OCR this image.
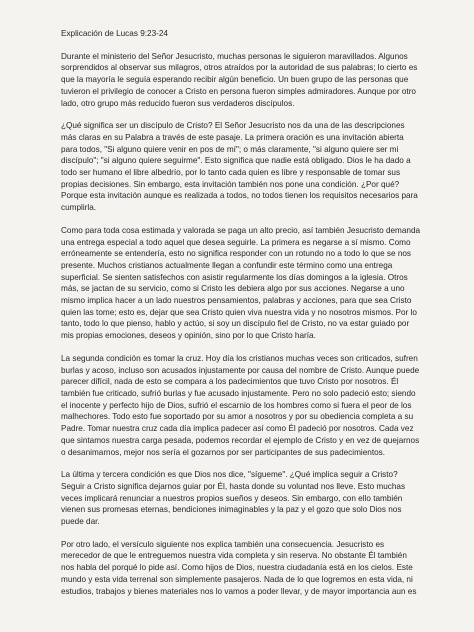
Explicación de Lucas 9:23-24

Durante el ministerio del Señor Jesucristo, muchas personas le siguieron maravillados. Algunos sorprendidos al observar sus milagros, otros atraídos por la autoridad de sus palabras; lo cierto es que la mayoría le seguía esperando recibir algún beneficio. Un buen grupo de las personas que tuvieron el privilegio de conocer a Cristo en persona fueron simples admiradores. Aunque por otro lado, otro grupo más reducido fueron sus verdaderos discípulos.

¿Qué significa ser un discípulo de Cristo? El Señor Jesucristo nos da una de las descripciones más claras en su Palabra a través de este pasaje. La primera oración es una invitación abierta para todos, "Si alguno quiere venir en pos de mí"; o más claramente, "si alguno quiere ser mi discípulo"; "si alguno quiere seguirme". Esto significa que nadie está obligado. Dios le ha dado a todo ser humano el libre albedrío, por lo tanto cada quien es libre y responsable de tomar sus propias decisiones. Sin embargo, esta invitación también nos pone una condición. ¿Por qué? Porque esta invitación aunque es realizada a todos, no todos tienen los requisitos necesarios para cumplirla.

Como para toda cosa estimada y valorada se paga un alto precio, así también Jesucristo demanda una entrega especial a todo aquel que desea seguirle. La primera es negarse a sí mismo. Como erróneamente se entendería, esto no significa responder con un rotundo no a todo lo que se nos presente. Muchos cristianos actualmente llegan a confundir este término como una entrega superficial. Se sienten satisfechos con asistir regularmente los días domingos a la iglesia. Otros más, se jactan de su servicio, como si Cristo les debiera algo por sus acciones. Negarse a uno mismo implica hacer a un lado nuestros pensamientos, palabras y acciones, para que sea Cristo quien las tome; esto es, dejar que sea Cristo quien viva nuestra vida y no nosotros mismos. Por lo tanto, todo lo que pienso, hablo y actúo, si soy un discípulo fiel de Cristo, no va estar guiado por mis propias emociones, deseos y opinión, sino por lo que Cristo haría.

La segunda condición es tomar la cruz. Hoy día los cristianos muchas veces son criticados, sufren burlas y acoso, incluso son acusados injustamente por causa del nombre de Cristo. Aunque puede parecer difícil, nada de esto se compara a los padecimientos que tuvo Cristo por nosotros. Él también fue criticado, sufrió burlas y fue acusado injustamente. Pero no solo padeció esto; siendo el inocente y perfecto hijo de Dios, sufrió el escarnio de los hombres como si fuera el peor de los malhechores. Todo esto fue soportado por su amor a nosotros y por su obediencia completa a su Padre. Tomar nuestra cruz cada día implica padecer así como Él padeció por nosotros. Cada vez que sintamos nuestra carga pesada, podemos recordar el ejemplo de Cristo y en vez de quejarnos o desanimarnos, mejor nos sería el gozarnos por ser participantes de sus padecimientos.

La última y tercera condición es que Dios nos dice, "sígueme". ¿Qué implica seguir a Cristo? Seguir a Cristo significa dejarnos guiar por Él, hasta donde su voluntad nos lleve. Esto muchas veces implicará renunciar a nuestros propios sueños y deseos. Sin embargo, con ello también vienen sus promesas eternas, bendiciones inimaginables y la paz y el gozo que solo Dios nos puede dar.

Por otro lado, el versículo siguiente nos explica también una consecuencia. Jesucristo es merecedor de que le entreguemos nuestra vida completa y sin reserva. No obstante Él también nos habla del porqué lo pide así. Como hijos de Dios, nuestra ciudadanía está en los cielos. Este mundo y esta vida terrenal son simplemente pasajeros. Nada de lo que logremos en esta vida, ni estudios, trabajos y bienes materiales nos lo vamos a poder llevar, y de mayor importancia aun es
